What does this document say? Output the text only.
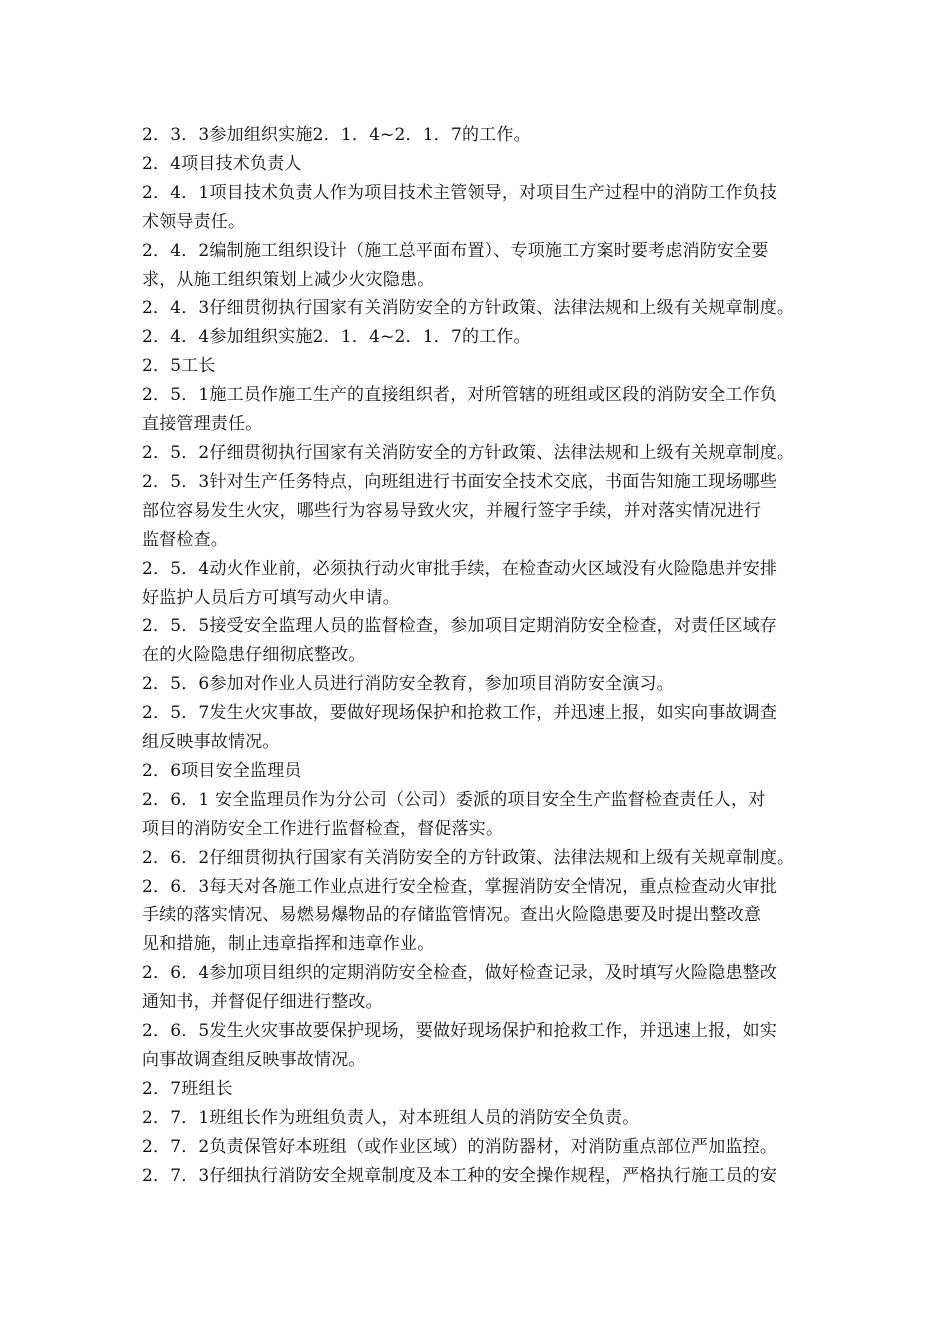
2．3．3参加组织实施2．1．4~2．1．7的工作。

2．4项目技术负责人

2．4．1项目技术负责人作为项目技术主管领导，对项目生产过程中的消防工作负技
术领导责任。

2．4．2编制施工组织设计（施工总平面布置）、专项施工方案时要考虑消防安全要
求，从施工组织策划上减少火灾隐患。

2．4．3仔细贯彻执行国家有关消防安全的方针政策、法律法规和上级有关规章制度。

2．4．4参加组织实施2．1．4~2．1．7的工作。

2．5工长

2．5．1施工员作施工生产的直接组织者，对所管辖的班组或区段的消防安全工作负
直接管理责任。

2．5．2仔细贯彻执行国家有关消防安全的方针政策、法律法规和上级有关规章制度。

2．5．3针对生产任务特点，向班组进行书面安全技术交底，书面告知施工现场哪些
部位容易发生火灾，哪些行为容易导致火灾，并履行签字手续，并对落实情况进行
监督检查。

2．5．4动火作业前，必须执行动火审批手续，在检查动火区域没有火险隐患并安排
好监护人员后方可填写动火申请。

2．5．5接受安全监理人员的监督检查，参加项目定期消防安全检查，对责任区域存
在的火险隐患仔细彻底整改。

2．5．6参加对作业人员进行消防安全教育，参加项目消防安全演习。

2．5．7发生火灾事故，要做好现场保护和抢救工作，并迅速上报，如实向事故调查
组反映事故情况。

2．6项目安全监理员

2．6．1 安全监理员作为分公司（公司）委派的项目安全生产监督检查责任人，对
项目的消防安全工作进行监督检查，督促落实。

2．6．2仔细贯彻执行国家有关消防安全的方针政策、法律法规和上级有关规章制度。

2．6．3每天对各施工作业点进行安全检查，掌握消防安全情况，重点检查动火审批
手续的落实情况、易燃易爆物品的存储监管情况。查出火险隐患要及时提出整改意
见和措施，制止违章指挥和违章作业。

2．6．4参加项目组织的定期消防安全检查，做好检查记录，及时填写火险隐患整改
通知书，并督促仔细进行整改。

2．6．5发生火灾事故要保护现场，要做好现场保护和抢救工作，并迅速上报，如实
向事故调查组反映事故情况。

2．7班组长

2．7．1班组长作为班组负责人，对本班组人员的消防安全负责。

2．7．2负责保管好本班组（或作业区域）的消防器材，对消防重点部位严加监控。

2．7．3仔细执行消防安全规章制度及本工种的安全操作规程，严格执行施工员的安
